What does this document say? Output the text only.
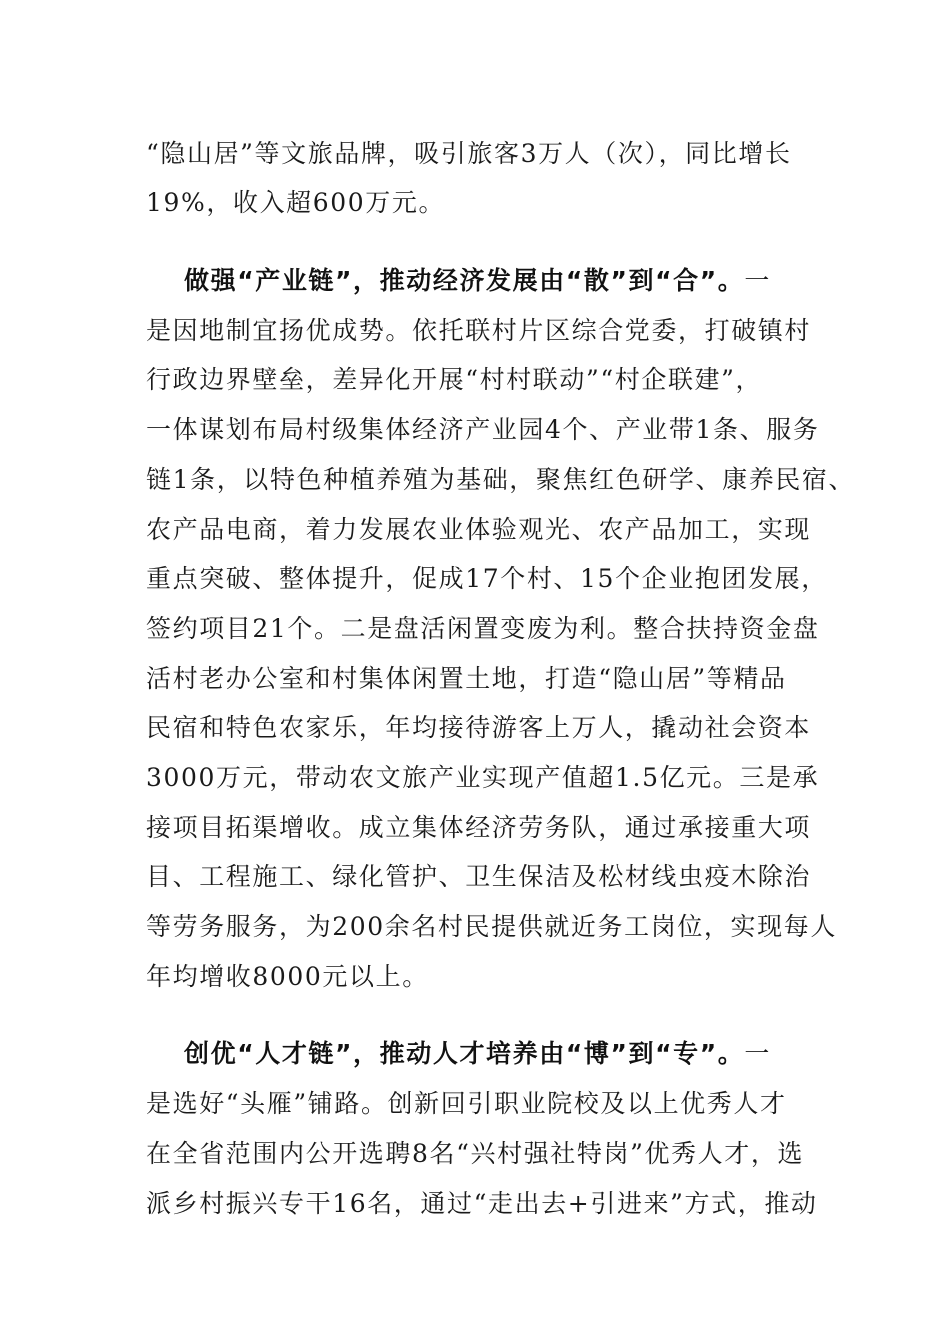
“隐山居”等文旅品牌，吸引旅客3万人（次），同比增长
19%，收入超600万元。
做强“产业链”，推动经济发展由“散”到“合”。一
是因地制宜扬优成势。依托联村片区综合党委，打破镇村
行政边界壁垒，差异化开展“村村联动”“村企联建”，
一体谋划布局村级集体经济产业园4个、产业带1条、服务
链1条，以特色种植养殖为基础，聚焦红色研学、康养民宿、
农产品电商，着力发展农业体验观光、农产品加工，实现
重点突破、整体提升，促成17个村、15个企业抱团发展，
签约项目21个。二是盘活闲置变废为利。整合扶持资金盘
活村老办公室和村集体闲置土地，打造“隐山居”等精品
民宿和特色农家乐，年均接待游客上万人，撬动社会资本
3000万元，带动农文旅产业实现产值超1.5亿元。三是承
接项目拓渠增收。成立集体经济劳务队，通过承接重大项
目、工程施工、绿化管护、卫生保洁及松材线虫疫木除治
等劳务服务，为200余名村民提供就近务工岗位，实现每人
年均增收8000元以上。
创优“人才链”，推动人才培养由“博”到“专”。一
是选好“头雁”铺路。创新回引职业院校及以上优秀人才
在全省范围内公开选聘8名“兴村强社特岗”优秀人才，选
派乡村振兴专干16名，通过“走出去+引进来”方式，推动
